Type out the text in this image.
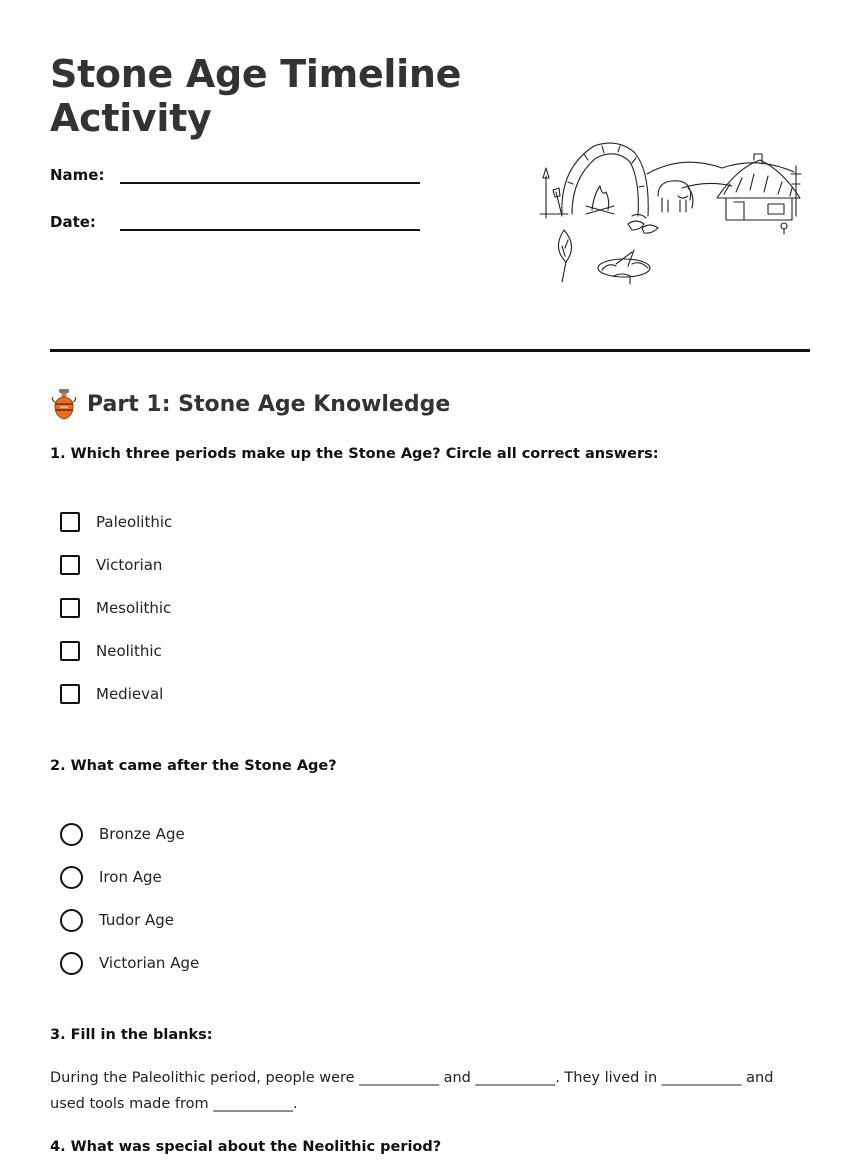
Stone Age Timeline Activity
Name:
Date:
Part 1: Stone Age Knowledge

1. Which three periods make up the Stone Age? Circle all correct answers:

Paleolithic
Victorian
Mesolithic
Neolithic
Medieval

2. What came after the Stone Age?

Bronze Age
Iron Age
Tudor Age
Victorian Age

3. Fill in the blanks:

During the Paleolithic period, people were ___________ and ___________. They lived in ___________ and used tools made from ___________.

4. What was special about the Neolithic period?
